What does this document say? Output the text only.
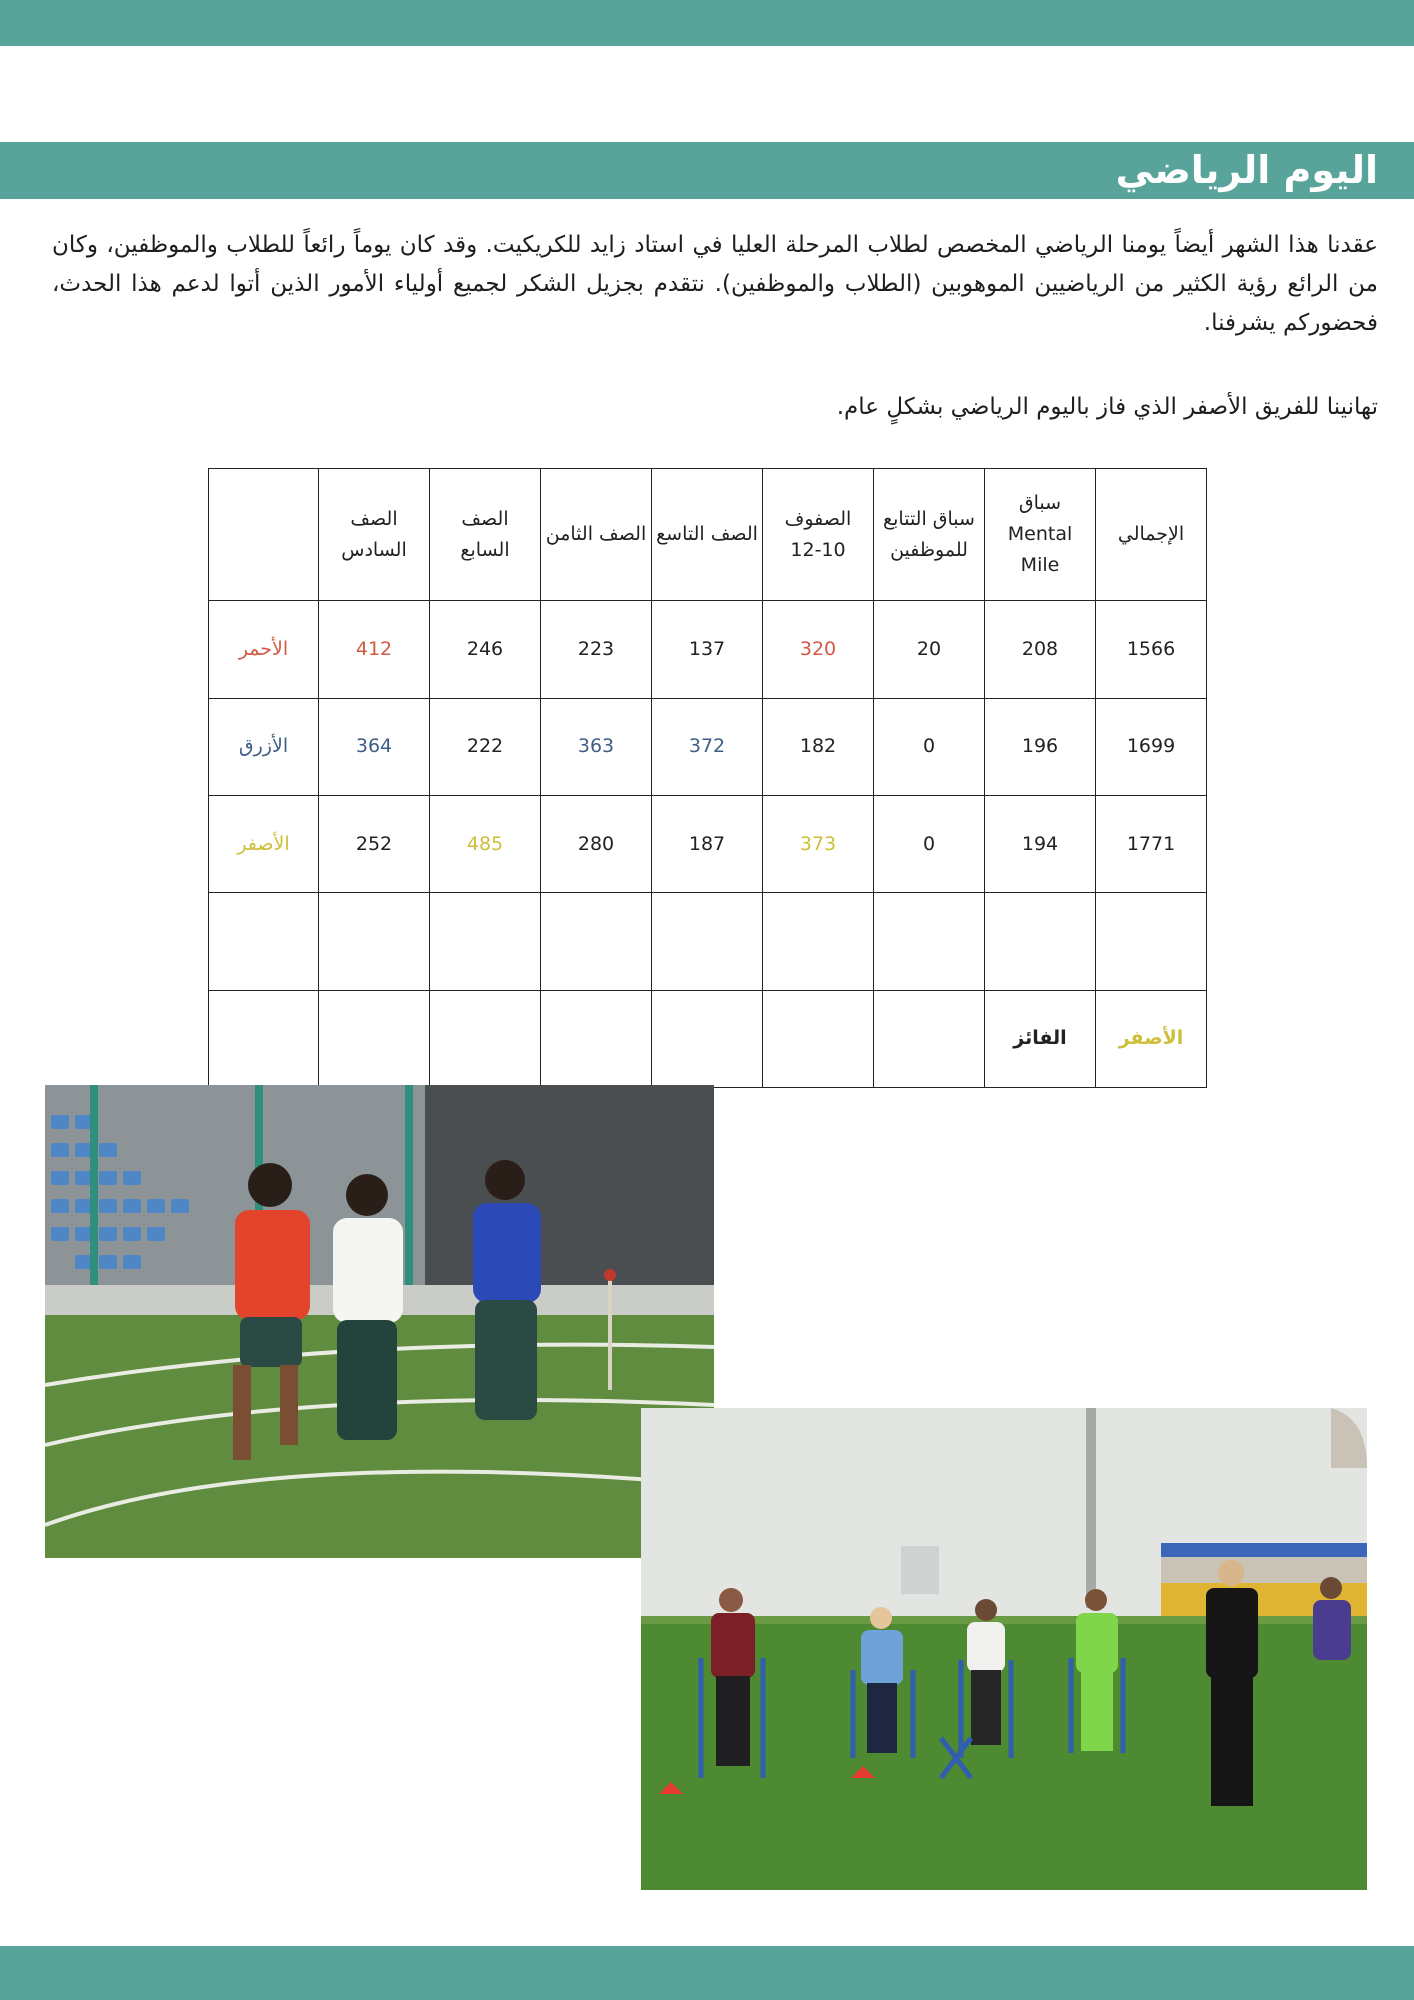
اليوم الرياضي

عقدنا هذا الشهر أيضاً يومنا الرياضي المخصص لطلاب المرحلة العليا في استاد زايد للكريكيت. وقد كان يوماً رائعاً للطلاب والموظفين، وكان من الرائع رؤية الكثير من الرياضيين الموهوبين (الطلاب والموظفين). نتقدم بجزيل الشكر لجميع أولياء الأمور الذين أتوا لدعم هذا الحدث، فحضوركم يشرفنا.

تهانينا للفريق الأصفر الذي فاز باليوم الرياضي بشكلٍ عام.

الإجمالي	سباق Mental Mile	سباق التتابع للموظفين	الصفوف 10-12	الصف التاسع	الصف الثامن	الصف السابع	الصف السادس	
1566	208	20	320	137	223	246	412	الأحمر
1699	196	0	182	372	363	222	364	الأزرق
1771	194	0	373	187	280	485	252	الأصفر

الأصفر	الفائز							
